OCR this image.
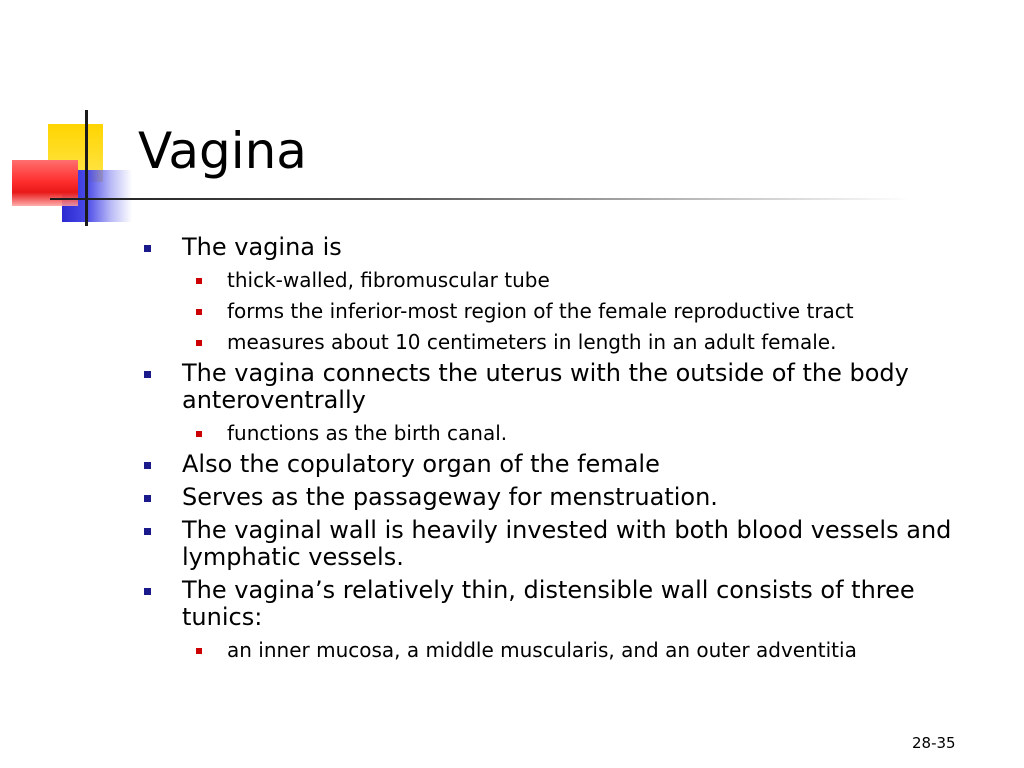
Vagina
The vagina is
thick-walled, fibromuscular tube
forms the inferior-most region of the female reproductive tract
measures about 10 centimeters in length in an adult female.
The vagina connects the uterus with the outside of the body anteroventrally
functions as the birth canal.
Also the copulatory organ of the female
Serves as the passageway for menstruation.
The vaginal wall is heavily invested with both blood vessels and lymphatic vessels.
The vagina’s relatively thin, distensible wall consists of three tunics:
an inner mucosa, a middle muscularis, and an outer adventitia
28-35
